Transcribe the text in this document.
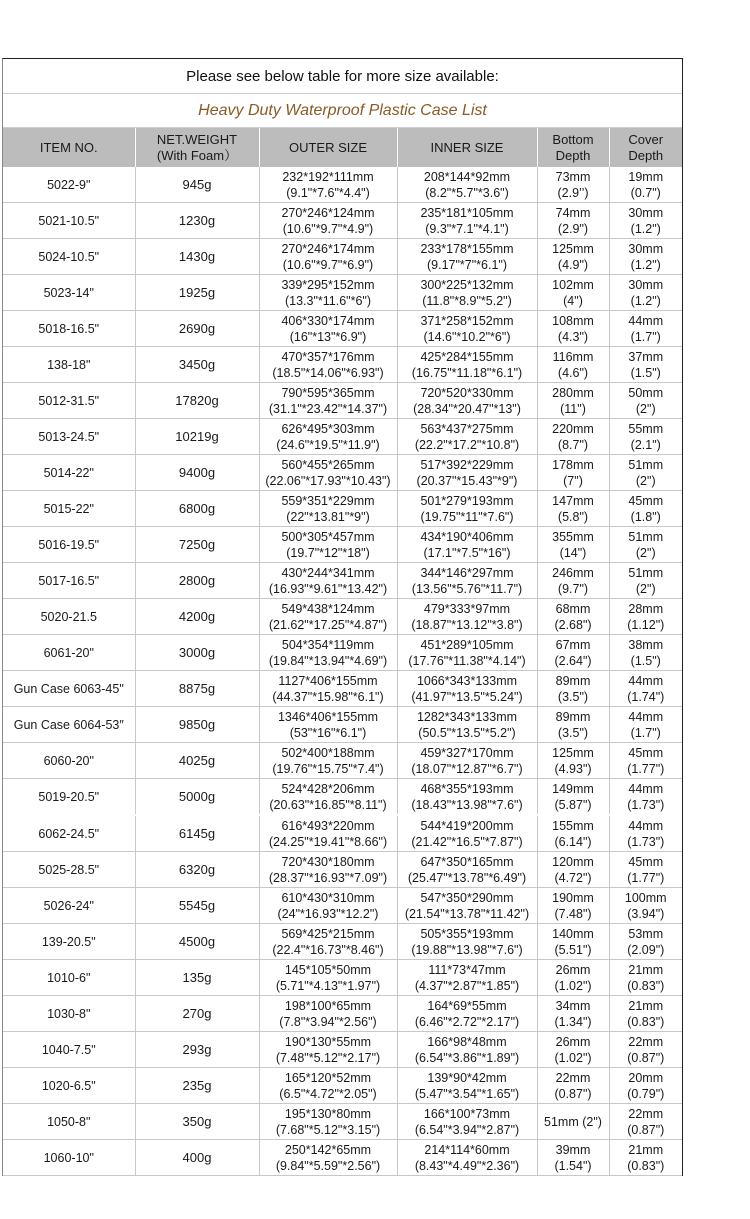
Please see below table for more size available:
Heavy Duty Waterproof Plastic Case List
ITEM NO.	NET.WEIGHT
(With Foam）	OUTER SIZE	INNER SIZE	Bottom
Depth	Cover
Depth

5022-9"	945g	232*192*111mm
(9.1"*7.6"*4.4")	208*144*92mm
(8.2"*5.7"*3.6")	73mm
(2.9’’)	19mm
(0.7")

5021-10.5"	1230g	270*246*124mm
(10.6"*9.7"*4.9")	235*181*105mm
(9.3"*7.1"*4.1")	74mm
(2.9")	30mm
(1.2")

5024-10.5"	1430g	270*246*174mm
(10.6"*9.7"*6.9")	233*178*155mm
(9.17"*7"*6.1")	125mm
(4.9")	30mm
(1.2")

5023-14"	1925g	339*295*152mm
(13.3"*11.6"*6")	300*225*132mm
(11.8"*8.9"*5.2")	102mm
(4")	30mm
(1.2")

5018-16.5"	2690g	406*330*174mm
(16"*13"*6.9")	371*258*152mm
(14.6"*10.2"*6")	108mm
(4.3")	44mm
(1.7")

138-18"	3450g	470*357*176mm
(18.5"*14.06"*6.93")	425*284*155mm
(16.75"*11.18"*6.1")	116mm
(4.6")	37mm
(1.5")

5012-31.5"	17820g	790*595*365mm
(31.1"*23.42"*14.37")	720*520*330mm
(28.34"*20.47"*13")	280mm
(11")	50mm
(2")

5013-24.5"	10219g	626*495*303mm
(24.6"*19.5"*11.9")	563*437*275mm
(22.2"*17.2"*10.8")	220mm
(8.7")	55mm
(2.1")

5014-22"	9400g	560*455*265mm
(22.06"*17.93"*10.43")	517*392*229mm
(20.37"*15.43"*9")	178mm
(7")	51mm
(2")

5015-22"	6800g	559*351*229mm
(22"*13.81"*9")	501*279*193mm
(19.75"*11"*7.6")	147mm
(5.8")	45mm
(1.8")

5016-19.5"	7250g	500*305*457mm
(19.7"*12"*18")	434*190*406mm
(17.1"*7.5"*16")	355mm
(14")	51mm
(2")

5017-16.5"	2800g	430*244*341mm
(16.93"*9.61"*13.42")	344*146*297mm
(13.56"*5.76"*11.7")	246mm
(9.7")	51mm
(2")

5020-21.5	4200g	549*438*124mm
(21.62"*17.25"*4.87")	479*333*97mm
(18.87"*13.12"*3.8")	68mm
(2.68")	28mm
(1.12")

6061-20"	3000g	504*354*119mm
(19.84"*13.94"*4.69")	451*289*105mm
(17.76"*11.38"*4.14")	67mm
(2.64")	38mm
(1.5")

Gun Case 6063-45"	8875g	1127*406*155mm
(44.37"*15.98"*6.1")	1066*343*133mm
(41.97"*13.5"*5.24")	89mm
(3.5")	44mm
(1.74")

Gun Case 6064-53″	9850g	1346*406*155mm
(53"*16"*6.1")	1282*343*133mm
(50.5"*13.5"*5.2")	89mm
(3.5")	44mm
(1.7")

6060-20"	4025g	502*400*188mm
(19.76"*15.75"*7.4")	459*327*170mm
(18.07"*12.87"*6.7")	125mm
(4.93")	45mm
(1.77")

5019-20.5"	5000g	524*428*206mm
(20.63"*16.85"*8.11")	468*355*193mm
(18.43"*13.98"*7.6")	149mm
(5.87")	44mm
(1.73")

6062-24.5"	6145g	616*493*220mm
(24.25"*19.41"*8.66")	544*419*200mm
(21.42"*16.5"*7.87")	155mm
(6.14")	44mm
(1.73")

5025-28.5"	6320g	720*430*180mm
(28.37"*16.93"*7.09")	647*350*165mm
(25.47"*13.78"*6.49")	120mm
(4.72")	45mm
(1.77")

5026-24"	5545g	610*430*310mm
(24"*16.93"*12.2")	547*350*290mm
(21.54"*13.78"*11.42")	190mm
(7.48")	100mm
(3.94")

139-20.5"	4500g	569*425*215mm
(22.4"*16.73"*8.46")	505*355*193mm
(19.88"*13.98"*7.6")	140mm
(5.51")	53mm
(2.09")

1010-6"	135g	145*105*50mm
(5.71"*4.13"*1.97")	111*73*47mm
(4.37"*2.87"*1.85")	26mm
(1.02")	21mm
(0.83")

1030-8"	270g	198*100*65mm
(7.8"*3.94"*2.56")	164*69*55mm
(6.46"*2.72"*2.17")	34mm
(1.34")	21mm
(0.83")

1040-7.5"	293g	190*130*55mm
(7.48"*5.12"*2.17")	166*98*48mm
(6.54"*3.86"*1.89")	26mm
(1.02")	22mm
(0.87")

1020-6.5"	235g	165*120*52mm
(6.5"*4.72"*2.05")	139*90*42mm
(5.47"*3.54"*1.65")	22mm
(0.87")	20mm
(0.79")

1050-8"	350g	195*130*80mm
(7.68"*5.12"*3.15")	166*100*73mm
(6.54"*3.94"*2.87")	51mm (2")	22mm
(0.87")

1060-10"	400g	250*142*65mm
(9.84"*5.59"*2.56")	214*114*60mm
(8.43"*4.49"*2.36")	39mm
(1.54")	21mm
(0.83")
